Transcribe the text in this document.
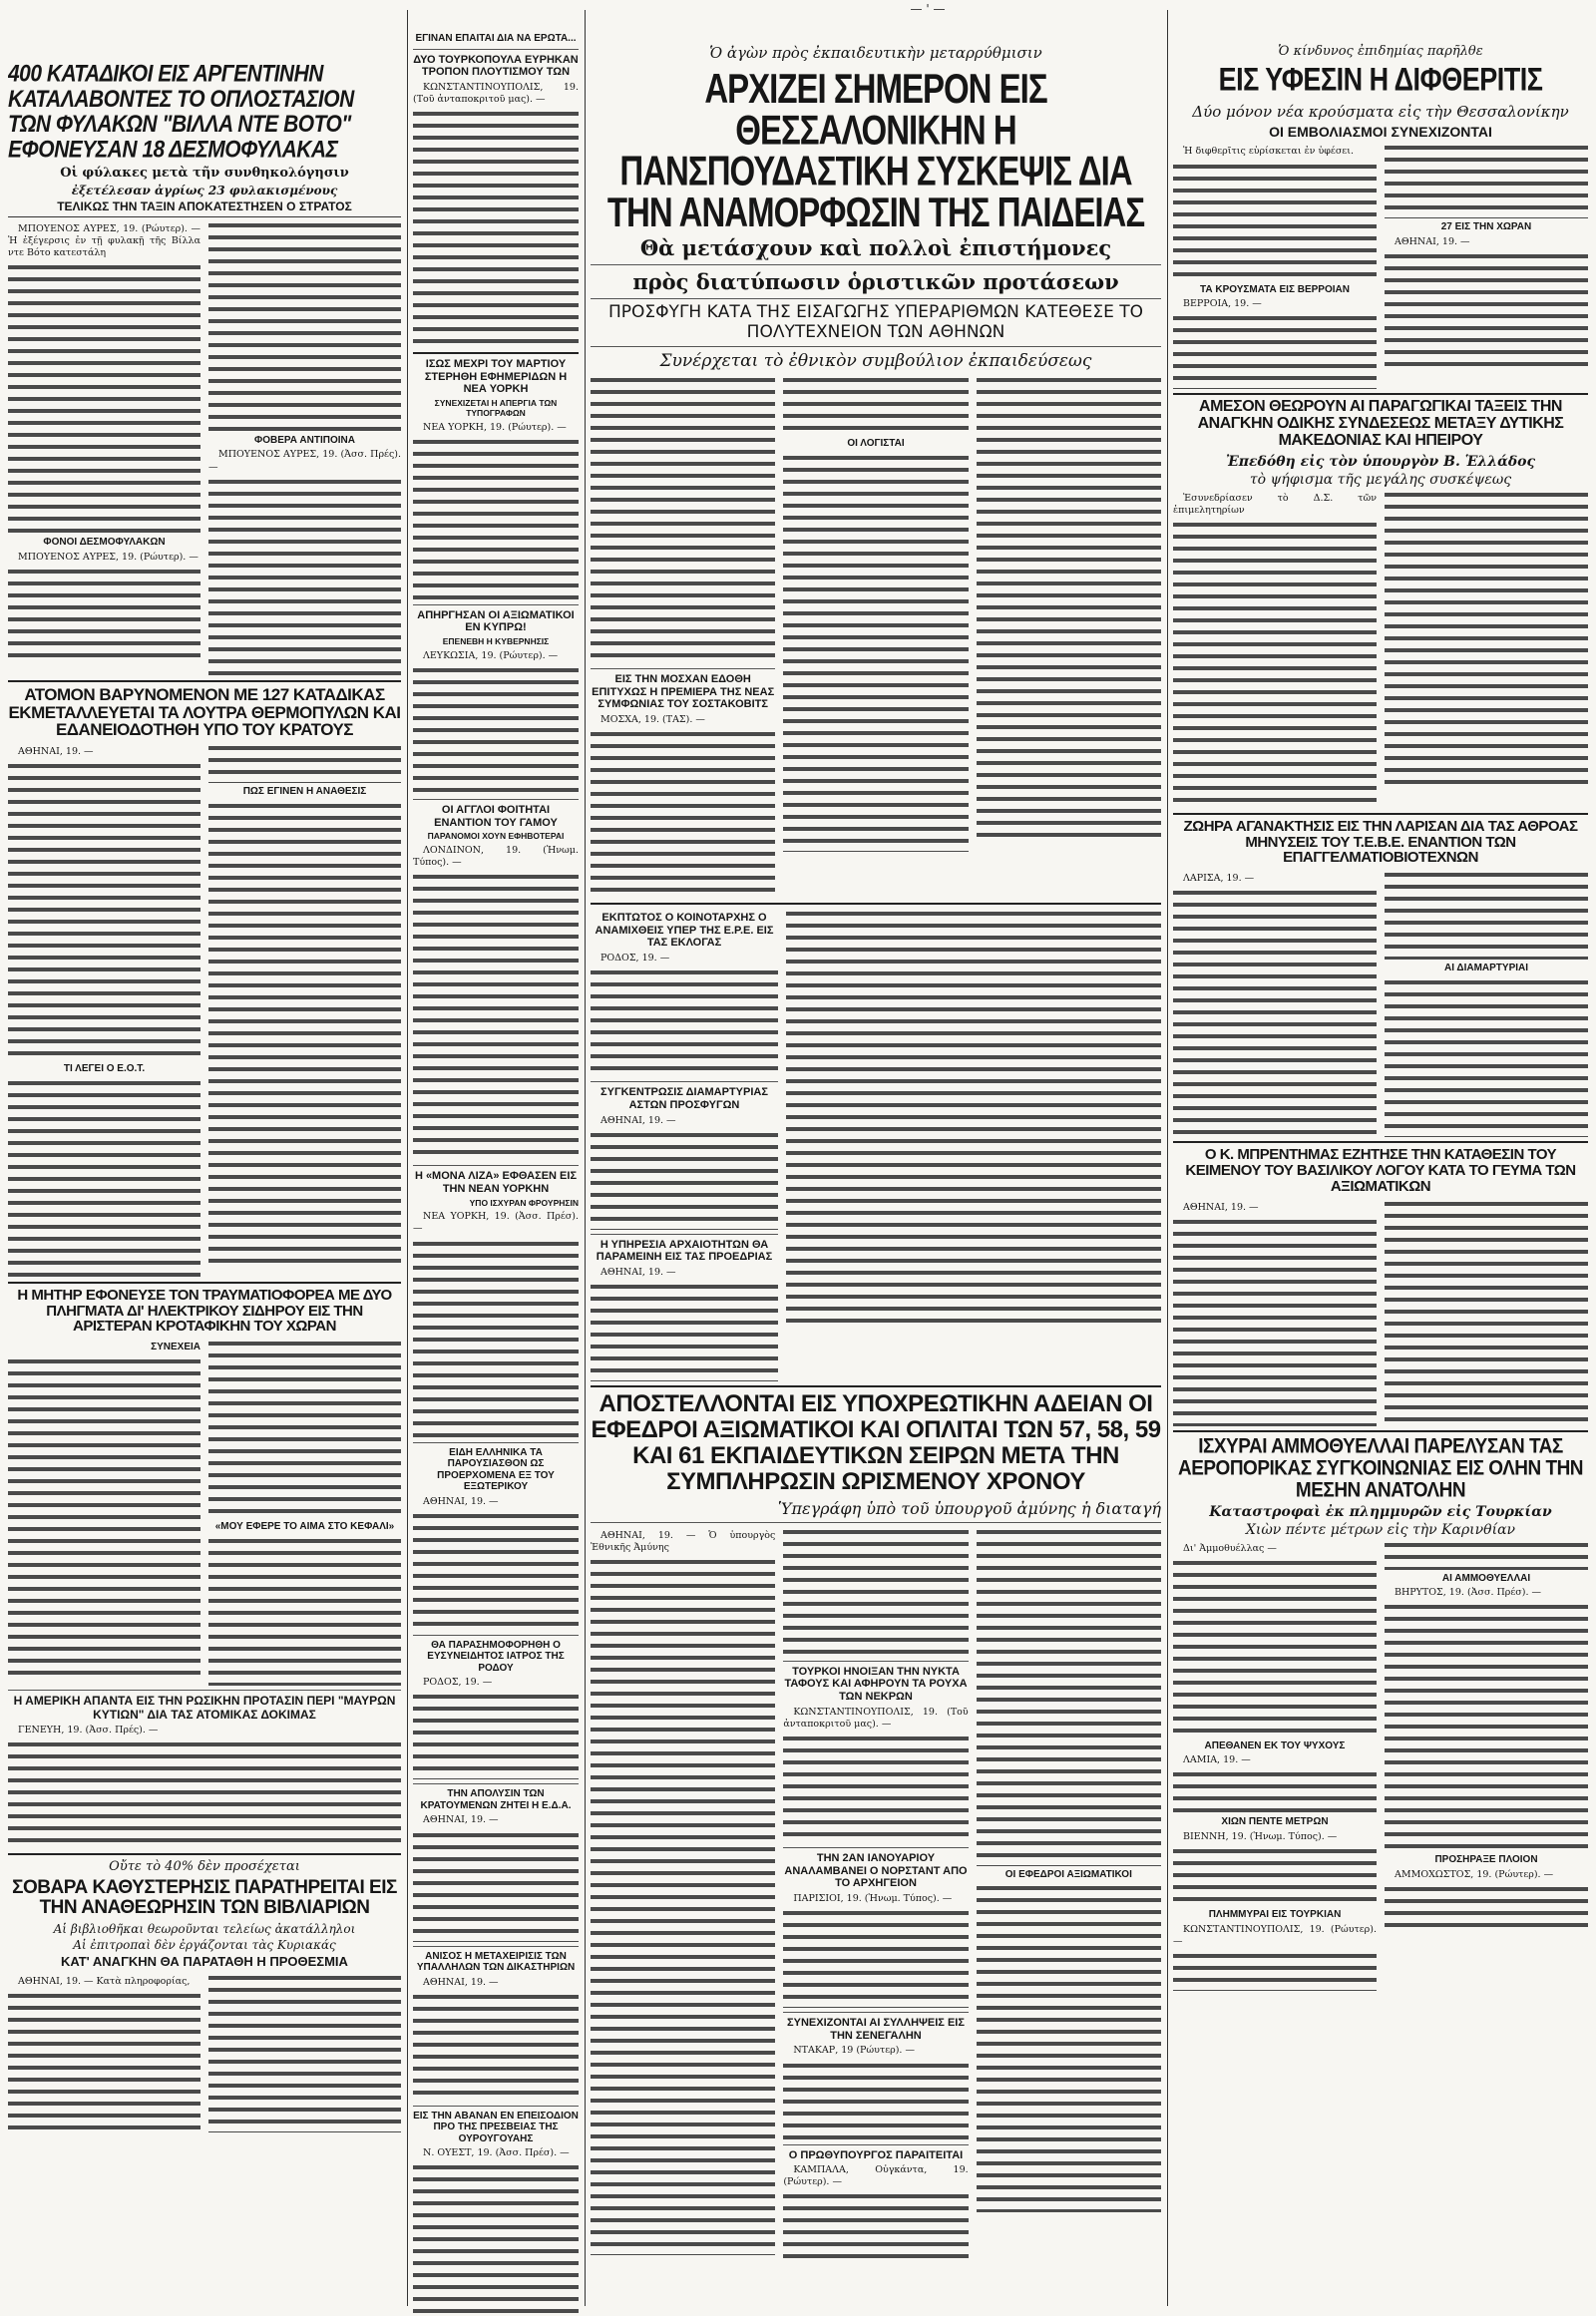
— ' —
400 ΚΑΤΑΔΙΚΟΙ ΕΙΣ ΑΡΓΕΝΤΙΝΗΝ ΚΑΤΑΛΑΒΟΝΤΕΣ ΤΟ ΟΠΛΟΣΤΑΣΙΟΝ ΤΩΝ ΦΥΛΑΚΩΝ "ΒΙΛΛΑ ΝΤΕ ΒΟΤΟ" ΕΦΟΝΕΥΣΑΝ 18 ΔΕΣΜΟΦΥΛΑΚΑΣ
Οἱ φύλακες μετὰ τῆν συνθηκολόγησιν
ἐξετέλεσαν ἀγρίως 23 φυλακισμένους
ΤΕΛΙΚΩΣ ΤΗΝ ΤΑΞΙΝ ΑΠΟΚΑΤΕΣΤΗΣΕΝ Ο ΣΤΡΑΤΟΣ
ΜΠΟΥΕΝΟΣ ΑΥΡΕΣ, 19. (Ρώυτερ). — Ἡ ἐξέγερσις ἐν τῇ φυλακῇ τῆς Βίλλα ντε Βότο κατεστάλη
ΦΟΝΟΙ ΔΕΣΜΟΦΥΛΑΚΩΝ
ΜΠΟΥΕΝΟΣ ΑΥΡΕΣ, 19. (Ρώυτερ). —
ΦΟΒΕΡΑ ΑΝΤΙΠΟΙΝΑ
ΜΠΟΥΕΝΟΣ ΑΥΡΕΣ, 19. (Ἀσσ. Πρές). —
ΑΤΟΜΟΝ ΒΑΡΥΝΟΜΕΝΟΝ ΜΕ 127 ΚΑΤΑΔΙΚΑΣ ΕΚΜΕΤΑΛΛΕΥΕΤΑΙ ΤΑ ΛΟΥΤΡΑ ΘΕΡΜΟΠΥΛΩΝ ΚΑΙ ΕΔΑΝΕΙΟΔΟΤΗΘΗ ΥΠΟ ΤΟΥ ΚΡΑΤΟΥΣ
ΑΘΗΝΑΙ, 19. —
ΤΙ ΛΕΓΕΙ Ο Ε.Ο.Τ.
ΠΩΣ ΕΓΙΝΕΝ Η ΑΝΑΘΕΣΙΣ
Η ΜΗΤΗΡ ΕΦΟΝΕΥΣΕ ΤΟΝ ΤΡΑΥΜΑΤΙΟΦΟΡΕΑ ΜΕ ΔΥΟ ΠΛΗΓΜΑΤΑ ΔΙ' ΗΛΕΚΤΡΙΚΟΥ ΣΙΔΗΡΟΥ ΕΙΣ ΤΗΝ ΑΡΙΣΤΕΡΑΝ ΚΡΟΤΑΦΙΚΗΝ ΤΟΥ ΧΩΡΑΝ
ΣΥΝΕΧΕΙΑ
«ΜΟΥ ΕΦΕΡΕ ΤΟ ΑΙΜΑ ΣΤΟ ΚΕΦΑΛΙ»
Η ΑΜΕΡΙΚΗ ΑΠΑΝΤΑ ΕΙΣ ΤΗΝ ΡΩΣΙΚΗΝ ΠΡΟΤΑΣΙΝ ΠΕΡΙ "ΜΑΥΡΩΝ ΚΥΤΙΩΝ" ΔΙΑ ΤΑΣ ΑΤΟΜΙΚΑΣ ΔΟΚΙΜΑΣ
ΓΕΝΕΥΗ, 19. (Ἀσσ. Πρές). —
Οὔτε τὸ 40% δὲν προσέχεται
ΣΟΒΑΡΑ ΚΑΘΥΣΤΕΡΗΣΙΣ ΠΑΡΑΤΗΡΕΙΤΑΙ ΕΙΣ ΤΗΝ ΑΝΑΘΕΩΡΗΣΙΝ ΤΩΝ ΒΙΒΛΙΑΡΙΩΝ
Αἱ βιβλιοθῆκαι θεωροῦνται τελείως ἀκατάλληλοι
Αἱ ἐπιτροπαὶ δὲν ἐργάζονται τὰς Κυριακάς
ΚΑΤ' ΑΝΑΓΚΗΝ ΘΑ ΠΑΡΑΤΑΘΗ Η ΠΡΟΘΕΣΜΙΑ
ΑΘΗΝΑΙ, 19. — Κατὰ πληροφορίας,
ΕΓΙΝΑΝ ΕΠΑΙΤΑΙ ΔΙΑ ΝΑ ΕΡΩΤΑ...
ΔΥΟ ΤΟΥΡΚΟΠΟΥΛΑ ΕΥΡΗΚΑΝ ΤΡΟΠΟΝ ΠΛΟΥΤΙΣΜΟΥ ΤΩΝ
ΚΩΝΣΤΑΝΤΙΝΟΥΠΟΛΙΣ, 19. (Τοῦ ἀνταποκριτοῦ μας). —
ΙΣΩΣ ΜΕΧΡΙ ΤΟΥ ΜΑΡΤΙΟΥ ΣΤΕΡΗΘΗ ΕΦΗΜΕΡΙΔΩΝ Η ΝΕΑ ΥΟΡΚΗ
ΣΥΝΕΧΙΖΕΤΑΙ Η ΑΠΕΡΓΙΑ ΤΩΝ ΤΥΠΟΓΡΑΦΩΝ
ΝΕΑ ΥΟΡΚΗ, 19. (Ρώυτερ). —
ΑΠΗΡΓΗΣΑΝ ΟΙ ΑΞΙΩΜΑΤΙΚΟΙ ΕΝ ΚΥΠΡΩ!
ΕΠΕΝΕΒΗ Η ΚΥΒΕΡΝΗΣΙΣ
ΛΕΥΚΩΣΙΑ, 19. (Ρώυτερ). —
ΟΙ ΑΓΓΛΟΙ ΦΟΙΤΗΤΑΙ ΕΝΑΝΤΙΟΝ ΤΟΥ ΓΑΜΟΥ
ΠΑΡΑΝΟΜΟΙ ΧΟΥΝ ΕΦΗΒΟΤΕΡΑΙ
ΛΟΝΔΙΝΟΝ, 19. (Ἡνωμ. Τύπος). —
Η «ΜΟΝΑ ΛΙΖΑ» ΕΦΘΑΣΕΝ ΕΙΣ ΤΗΝ ΝΕΑΝ ΥΟΡΚΗΝ
ΥΠΟ ΙΣΧΥΡΑΝ ΦΡΟΥΡΗΣΙΝ
ΝΕΑ ΥΟΡΚΗ, 19. (Ἀσσ. Πρέσ). —
ΕΙΔΗ ΕΛΛΗΝΙΚΑ ΤΑ ΠΑΡΟΥΣΙΑΣΘΟΝ ΩΣ ΠΡΟΕΡΧΟΜΕΝΑ ΕΞ ΤΟΥ ΕΞΩΤΕΡΙΚΟΥ
ΑΘΗΝΑΙ, 19. —
ΘΑ ΠΑΡΑΣΗΜΟΦΟΡΗΘΗ Ο ΕΥΣΥΝΕΙΔΗΤΟΣ ΙΑΤΡΟΣ ΤΗΣ ΡΟΔΟΥ
ΡΟΔΟΣ, 19. —
ΤΗΝ ΑΠΟΛΥΣΙΝ ΤΩΝ ΚΡΑΤΟΥΜΕΝΩΝ ΖΗΤΕΙ Η Ε.Δ.Α.
ΑΘΗΝΑΙ, 19. —
ΑΝΙΣΟΣ Η ΜΕΤΑΧΕΙΡΙΣΙΣ ΤΩΝ ΥΠΑΛΛΗΛΩΝ ΤΩΝ ΔΙΚΑΣΤΗΡΙΩΝ
ΑΘΗΝΑΙ, 19. —
ΕΙΣ ΤΗΝ ΑΒΑΝΑΝ ΕΝ ΕΠΕΙΣΟΔΙΟΝ ΠΡΟ ΤΗΣ ΠΡΕΣΒΕΙΑΣ ΤΗΣ ΟΥΡΟΥΓΟΥΑΗΣ
Ν. ΟΥΕΣΤ, 19. (Ἀσσ. Πρέσ). —
Ὁ ἀγὼν πρὸς ἐκπαιδευτικὴν μεταρρύθμισιν
ΑΡΧΙΖΕΙ ΣΗΜΕΡΟΝ ΕΙΣ ΘΕΣΣΑΛΟΝΙΚΗΝ Η ΠΑΝΣΠΟΥΔΑΣΤΙΚΗ ΣΥΣΚΕΨΙΣ ΔΙΑ ΤΗΝ ΑΝΑΜΟΡΦΩΣΙΝ ΤΗΣ ΠΑΙΔΕΙΑΣ
Θὰ μετάσχουν καὶ πολλοὶ ἐπιστήμονες
πρὸς διατύπωσιν ὁριστικῶν προτάσεων
ΠΡΟΣΦΥΓΗ ΚΑΤΑ ΤΗΣ ΕΙΣΑΓΩΓΗΣ ΥΠΕΡΑΡΙΘΜΩΝ ΚΑΤΕΘΕΣΕ ΤΟ ΠΟΛΥΤΕΧΝΕΙΟΝ ΤΩΝ ΑΘΗΝΩΝ
Συνέρχεται τὸ ἐθνικὸν συμβούλιον ἐκπαιδεύσεως
ΕΙΣ ΤΗΝ ΜΟΣΧΑΝ ΕΔΟΘΗ ΕΠΙΤΥΧΩΣ Η ΠΡΕΜΙΕΡΑ ΤΗΣ ΝΕΑΣ ΣΥΜΦΩΝΙΑΣ ΤΟΥ ΣΟΣΤΑΚΟΒΙΤΣ
ΜΟΣΧΑ, 19. (ΤΑΣ). —
ΟΙ ΛΟΓΙΣΤΑΙ
ΕΚΠΤΩΤΟΣ Ο ΚΟΙΝΟΤΑΡΧΗΣ Ο ΑΝΑΜΙΧΘΕΙΣ ΥΠΕΡ ΤΗΣ Ε.Ρ.Ε. ΕΙΣ ΤΑΣ ΕΚΛΟΓΑΣ
ΡΟΔΟΣ, 19. —
ΣΥΓΚΕΝΤΡΩΣΙΣ ΔΙΑΜΑΡΤΥΡΙΑΣ ΑΣΤΩΝ ΠΡΟΣΦΥΓΩΝ
ΑΘΗΝΑΙ, 19. —
Η ΥΠΗΡΕΣΙΑ ΑΡΧΑΙΟΤΗΤΩΝ ΘΑ ΠΑΡΑΜΕΙΝΗ ΕΙΣ ΤΑΣ ΠΡΟΕΔΡΙΑΣ
ΑΘΗΝΑΙ, 19. —
ΑΠΟΣΤΕΛΛΟΝΤΑΙ ΕΙΣ ΥΠΟΧΡΕΩΤΙΚΗΝ ΑΔΕΙΑΝ ΟΙ ΕΦΕΔΡΟΙ ΑΞΙΩΜΑΤΙΚΟΙ ΚΑΙ ΟΠΛΙΤΑΙ ΤΩΝ 57, 58, 59 ΚΑΙ 61 ΕΚΠΑΙΔΕΥΤΙΚΩΝ ΣΕΙΡΩΝ ΜΕΤΑ ΤΗΝ ΣΥΜΠΛΗΡΩΣΙΝ ΩΡΙΣΜΕΝΟΥ ΧΡΟΝΟΥ
Ὑπεγράφη ὑπὸ τοῦ ὑπουργοῦ ἀμύνης ἡ διαταγή
ΑΘΗΝΑΙ, 19. — Ὁ ὑπουργὸς Ἐθνικῆς Ἀμύνης
ΤΟΥΡΚΟΙ ΗΝΟΙΞΑΝ ΤΗΝ ΝΥΚΤΑ ΤΑΦΟΥΣ ΚΑΙ ΑΦΗΡΟΥΝ ΤΑ ΡΟΥΧΑ ΤΩΝ ΝΕΚΡΩΝ
ΚΩΝΣΤΑΝΤΙΝΟΥΠΟΛΙΣ, 19. (Τοῦ ἀνταποκριτοῦ μας). —
ΤΗΝ 2ΑΝ ΙΑΝΟΥΑΡΙΟΥ ΑΝΑΛΑΜΒΑΝΕΙ Ο ΝΟΡΣΤΑΝΤ ΑΠΟ ΤΟ ΑΡΧΗΓΕΙΟΝ
ΠΑΡΙΣΙΟΙ, 19. (Ἡνωμ. Τύπος). —
ΣΥΝΕΧΙΖΟΝΤΑΙ ΑΙ ΣΥΛΛΗΨΕΙΣ ΕΙΣ ΤΗΝ ΣΕΝΕΓΑΛΗΝ
ΝΤΑΚΑΡ, 19 (Ρώυτερ). —
Ο ΠΡΩΘΥΠΟΥΡΓΟΣ ΠΑΡΑΙΤΕΙΤΑΙ
ΚΑΜΠΑΛΑ, Οὐγκάντα, 19. (Ρώυτερ). —
ΟΙ ΕΦΕΔΡΟΙ ΑΞΙΩΜΑΤΙΚΟΙ
Ὁ κίνδυνος ἐπιδημίας παρῆλθε
ΕΙΣ ΥΦΕΣΙΝ Η ΔΙΦΘΕΡΙΤΙΣ
Δύο μόνον νέα κρούσματα εἰς τὴν Θεσσαλονίκην
ΟΙ ΕΜΒΟΛΙΑΣΜΟΙ ΣΥΝΕΧΙΖΟΝΤΑΙ
Ἡ διφθερῖτις εὑρίσκεται ἐν ὑφέσει.
ΤΑ ΚΡΟΥΣΜΑΤΑ ΕΙΣ ΒΕΡΡΟΙΑΝ
ΒΕΡΡΟΙΑ, 19. —
27 ΕΙΣ ΤΗΝ ΧΩΡΑΝ
ΑΘΗΝΑΙ, 19. —
ΑΜΕΣΟΝ ΘΕΩΡΟΥΝ ΑΙ ΠΑΡΑΓΩΓΙΚΑΙ ΤΑΞΕΙΣ ΤΗΝ ΑΝΑΓΚΗΝ ΟΔΙΚΗΣ ΣΥΝΔΕΣΕΩΣ ΜΕΤΑΞΥ ΔΥΤΙΚΗΣ ΜΑΚΕΔΟΝΙΑΣ ΚΑΙ ΗΠΕΙΡΟΥ
Ἐπεδόθη εἰς τὸν ὑπουργὸν Β. Ἑλλάδος
τὸ ψήφισμα τῆς μεγάλης συσκέψεως
Ἐσυνεδρίασεν τὸ Δ.Σ. τῶν ἐπιμελητηρίων
ΖΩΗΡΑ ΑΓΑΝΑΚΤΗΣΙΣ ΕΙΣ ΤΗΝ ΛΑΡΙΣΑΝ ΔΙΑ ΤΑΣ ΑΘΡΟΑΣ ΜΗΝΥΣΕΙΣ ΤΟΥ Τ.Ε.Β.Ε. ΕΝΑΝΤΙΟΝ ΤΩΝ ΕΠΑΓΓΕΛΜΑΤΙΟΒΙΟΤΕΧΝΩΝ
ΛΑΡΙΣΑ, 19. —
ΑΙ ΔΙΑΜΑΡΤΥΡΙΑΙ
Ο Κ. ΜΠΡΕΝΤΗΜΑΣ ΕΖΗΤΗΣΕ ΤΗΝ ΚΑΤΑΘΕΣΙΝ ΤΟΥ ΚΕΙΜΕΝΟΥ ΤΟΥ ΒΑΣΙΛΙΚΟΥ ΛΟΓΟΥ ΚΑΤΑ ΤΟ ΓΕΥΜΑ ΤΩΝ ΑΞΙΩΜΑΤΙΚΩΝ
ΑΘΗΝΑΙ, 19. —
ΙΣΧΥΡΑΙ ΑΜΜΟΘΥΕΛΛΑΙ ΠΑΡΕΛΥΣΑΝ ΤΑΣ ΑΕΡΟΠΟΡΙΚΑΣ ΣΥΓΚΟΙΝΩΝΙΑΣ ΕΙΣ ΟΛΗΝ ΤΗΝ ΜΕΣΗΝ ΑΝΑΤΟΛΗΝ
Καταστροφαὶ ἐκ πλημμυρῶν εἰς Τουρκίαν
Χιὼν πέντε μέτρων εἰς τὴν Καρινθίαν
Δι' Ἀμμοθυέλλας —
ΑΠΕΘΑΝΕΝ ΕΚ ΤΟΥ ΨΥΧΟΥΣ
ΛΑΜΙΑ, 19. —
ΧΙΩΝ ΠΕΝΤΕ ΜΕΤΡΩΝ
ΒΙΕΝΝΗ, 19. (Ἡνωμ. Τύπος). —
ΠΛΗΜΜΥΡΑΙ ΕΙΣ ΤΟΥΡΚΙΑΝ
ΚΩΝΣΤΑΝΤΙΝΟΥΠΟΛΙΣ, 19. (Ρώυτερ). —
ΑΙ ΑΜΜΟΘΥΕΛΛΑΙ
ΒΗΡΥΤΟΣ, 19. (Ἀσσ. Πρέσ). —
ΠΡΟΣΗΡΑΞΕ ΠΛΟΙΟΝ
ΑΜΜΟΧΩΣΤΟΣ, 19. (Ρώυτερ). —
